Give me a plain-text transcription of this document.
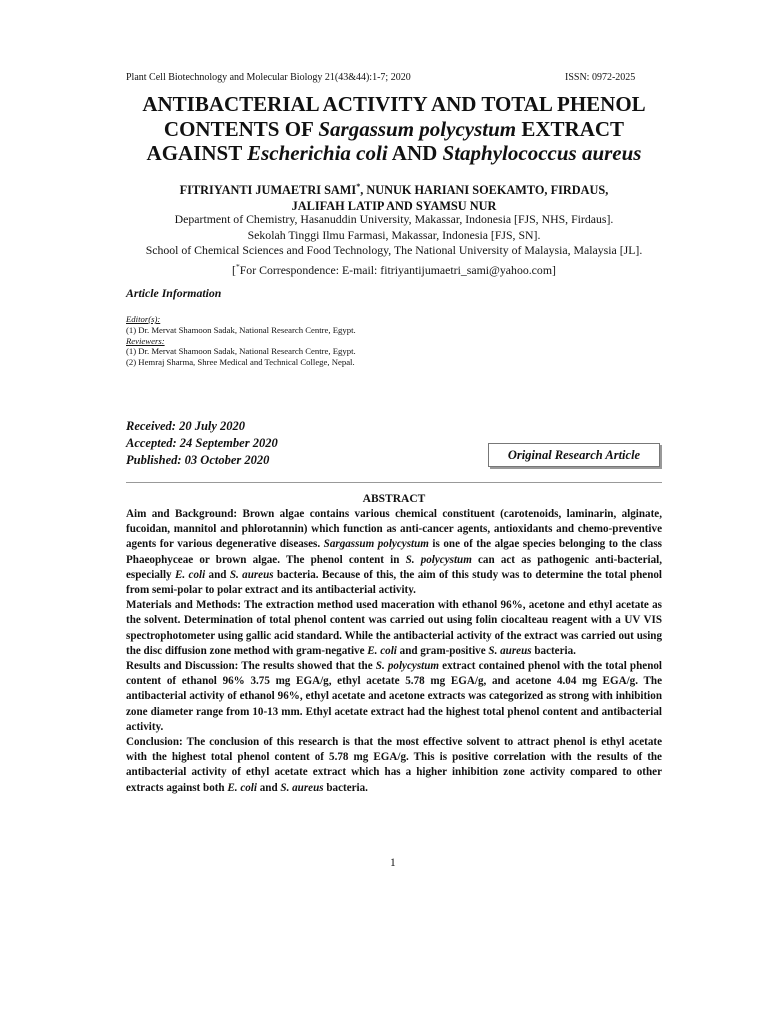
Plant Cell Biotechnology and Molecular Biology 21(43&44):1-7; 2020	ISSN: 0972-2025
ANTIBACTERIAL ACTIVITY AND TOTAL PHENOL
CONTENTS OF Sargassum polycystum EXTRACT
AGAINST Escherichia coli AND Staphylococcus aureus
FITRIYANTI JUMAETRI SAMI*, NUNUK HARIANI SOEKAMTO, FIRDAUS,
JALIFAH LATIP AND SYAMSU NUR
Department of Chemistry, Hasanuddin University, Makassar, Indonesia [FJS, NHS, Firdaus].
Sekolah Tinggi Ilmu Farmasi, Makassar, Indonesia [FJS, SN].
School of Chemical Sciences and Food Technology, The National University of Malaysia, Malaysia [JL].
[*For Correspondence: E-mail: fitriyantijumaetri_sami@yahoo.com]
Article Information
Editor(s):
(1) Dr. Mervat Shamoon Sadak, National Research Centre, Egypt.
Reviewers:
(1) Dr. Mervat Shamoon Sadak, National Research Centre, Egypt.
(2) Hemraj Sharma, Shree Medical and Technical College, Nepal.
Received: 20 July 2020
Accepted: 24 September 2020
Published: 03 October 2020	Original Research Article
ABSTRACT

Aim and Background: Brown algae contains various chemical constituent (carotenoids, laminarin, alginate, fucoidan, mannitol and phlorotannin) which function as anti-cancer agents, antioxidants and chemo-preventive agents for various degenerative diseases. Sargassum polycystum is one of the algae species belonging to the class Phaeophyceae or brown algae. The phenol content in S. polycystum can act as pathogenic anti-bacterial, especially E. coli and S. aureus bacteria. Because of this, the aim of this study was to determine the total phenol from semi-polar to polar extract and its antibacterial activity.

Materials and Methods: The extraction method used maceration with ethanol 96%, acetone and ethyl acetate as the solvent. Determination of total phenol content was carried out using folin ciocalteau reagent with a UV VIS spectrophotometer using gallic acid standard. While the antibacterial activity of the extract was carried out using the disc diffusion zone method with gram-negative E. coli and gram-positive S. aureus bacteria.

Results and Discussion: The results showed that the S. polycystum extract contained phenol with the total phenol content of ethanol 96% 3.75 mg EGA/g, ethyl acetate 5.78 mg EGA/g, and acetone 4.04 mg EGA/g. The antibacterial activity of ethanol 96%, ethyl acetate and acetone extracts was categorized as strong with inhibition zone diameter range from 10-13 mm. Ethyl acetate extract had the highest total phenol content and antibacterial activity.

Conclusion: The conclusion of this research is that the most effective solvent to attract phenol is ethyl acetate with the highest total phenol content of 5.78 mg EGA/g. This is positive correlation with the results of the antibacterial activity of ethyl acetate extract which has a higher inhibition zone activity compared to other extracts against both E. coli and S. aureus bacteria.

1
